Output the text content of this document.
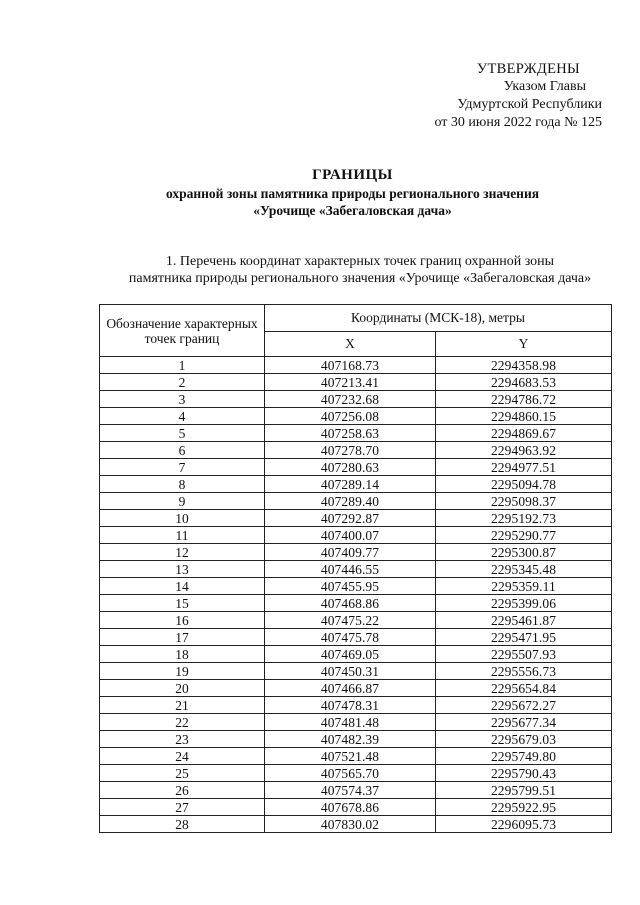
УТВЕРЖДЕНЫ
Указом Главы
Удмуртской Республики
от 30 июня 2022 года № 125
ГРАНИЦЫ
охранной зоны памятника природы регионального значения
«Урочище «Забегаловская дача»
1. Перечень координат характерных точек границ охранной зоны
памятника природы регионального значения «Урочище «Забегаловская дача»
Обозначение характерных точек границ	Координаты (МСК-18), метры	
	X	Y
1	407168.73	2294358.98
2	407213.41	2294683.53
3	407232.68	2294786.72
4	407256.08	2294860.15
5	407258.63	2294869.67
6	407278.70	2294963.92
7	407280.63	2294977.51
8	407289.14	2295094.78
9	407289.40	2295098.37
10	407292.87	2295192.73
11	407400.07	2295290.77
12	407409.77	2295300.87
13	407446.55	2295345.48
14	407455.95	2295359.11
15	407468.86	2295399.06
16	407475.22	2295461.87
17	407475.78	2295471.95
18	407469.05	2295507.93
19	407450.31	2295556.73
20	407466.87	2295654.84
21	407478.31	2295672.27
22	407481.48	2295677.34
23	407482.39	2295679.03
24	407521.48	2295749.80
25	407565.70	2295790.43
26	407574.37	2295799.51
27	407678.86	2295922.95
28	407830.02	2296095.73
